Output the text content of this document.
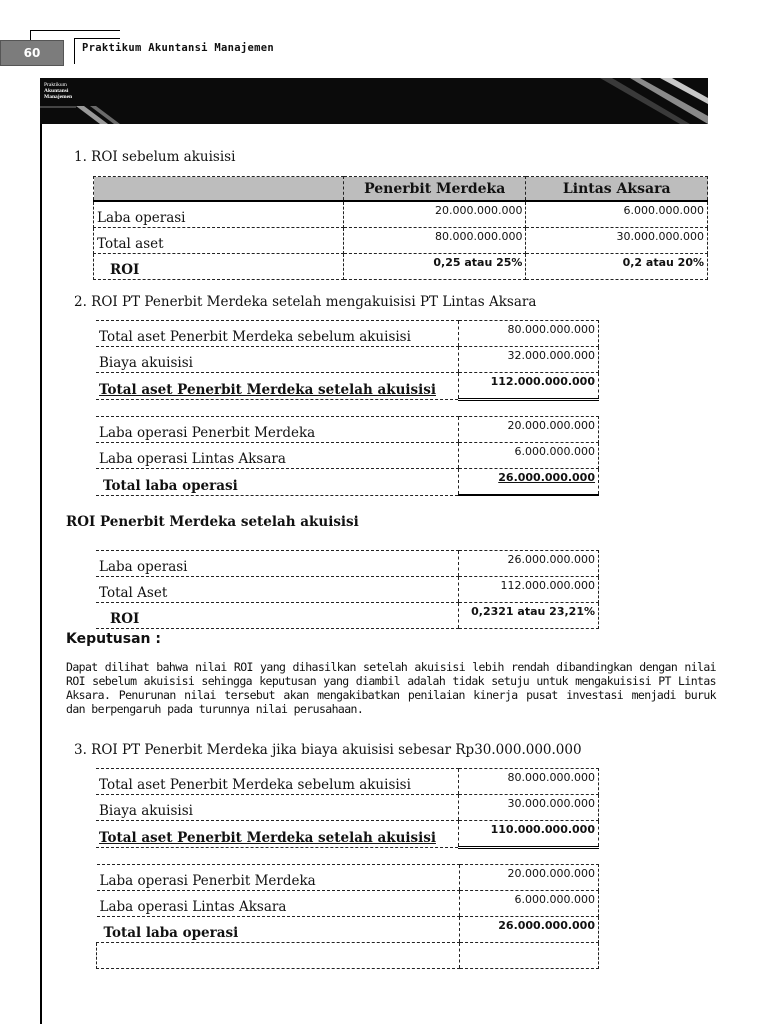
60	Praktikum Akuntansi Manajemen
Praktikum
Akuntansi
Manajemen
1. ROI sebelum akuisisi
	Penerbit Merdeka	Lintas Aksara
Laba operasi	20.000.000.000	6.000.000.000
Total aset	80.000.000.000	30.000.000.000
ROI	0,25 atau 25%	0,2 atau 20%
2. ROI PT Penerbit Merdeka setelah mengakuisisi PT Lintas Aksara
Total aset Penerbit Merdeka sebelum akuisisi	80.000.000.000
Biaya akuisisi	32.000.000.000
Total aset Penerbit Merdeka setelah akuisisi	112.000.000.000
Laba operasi Penerbit Merdeka	20.000.000.000
Laba operasi Lintas Aksara	6.000.000.000
Total laba operasi	26.000.000.000
ROI Penerbit Merdeka setelah akuisisi
Laba operasi	26.000.000.000
Total Aset	112.000.000.000
ROI	0,2321 atau 23,21%
Keputusan :
Dapat dilihat bahwa nilai ROI yang dihasilkan setelah akuisisi lebih rendah dibandingkan dengan nilai ROI sebelum akuisisi sehingga keputusan yang diambil adalah tidak setuju untuk mengakuisisi PT Lintas Aksara. Penurunan nilai tersebut akan mengakibatkan penilaian kinerja pusat investasi menjadi buruk dan berpengaruh pada turunnya nilai perusahaan.
3. ROI PT Penerbit Merdeka jika biaya akuisisi sebesar Rp30.000.000.000
Total aset Penerbit Merdeka sebelum akuisisi	80.000.000.000
Biaya akuisisi	30.000.000.000
Total aset Penerbit Merdeka setelah akuisisi	110.000.000.000
Laba operasi Penerbit Merdeka	20.000.000.000
Laba operasi Lintas Aksara	6.000.000.000
Total laba operasi	26.000.000.000
